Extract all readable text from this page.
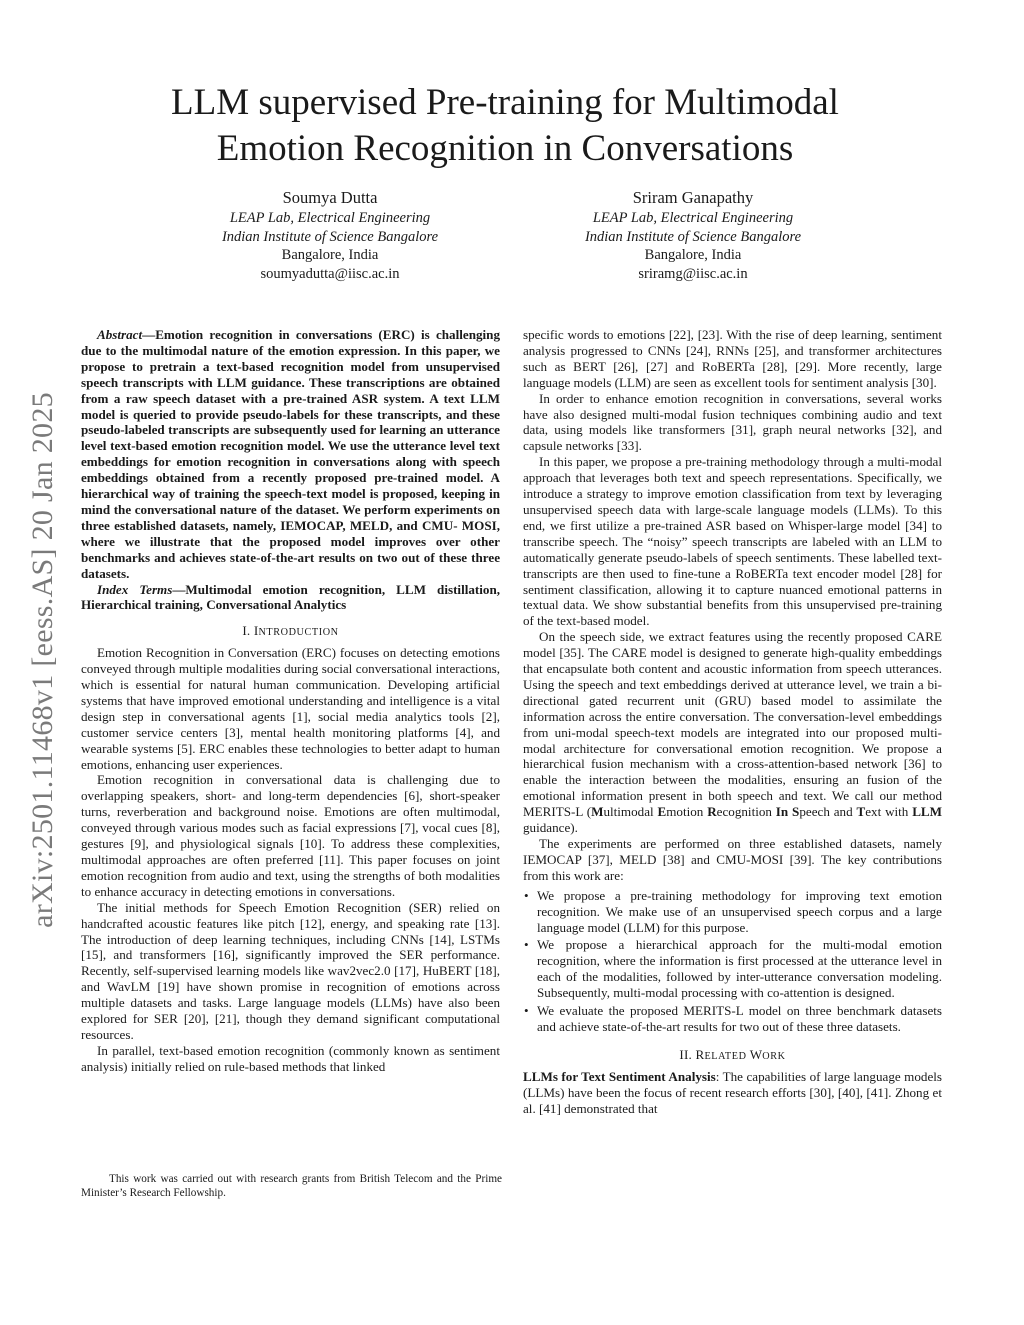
arXiv:2501.11468v1 [eess.AS] 20 Jan 2025
LLM supervised Pre-training for Multimodal
Emotion Recognition in Conversations
Soumya Dutta
LEAP Lab, Electrical Engineering
Indian Institute of Science Bangalore
Bangalore, India
soumyadutta@iisc.ac.in
Sriram Ganapathy
LEAP Lab, Electrical Engineering
Indian Institute of Science Bangalore
Bangalore, India
sriramg@iisc.ac.in

Abstract—Emotion recognition in conversations (ERC) is challenging due to the multimodal nature of the emotion expression. In this paper, we propose to pretrain a text-based recognition model from unsupervised speech transcripts with LLM guidance. These transcriptions are obtained from a raw speech dataset with a pre-trained ASR system. A text LLM model is queried to provide pseudo-labels for these transcripts, and these pseudo-labeled transcripts are subsequently used for learning an utterance level text-based emotion recognition model. We use the utterance level text embeddings for emotion recognition in conversations along with speech embeddings obtained from a recently proposed pre-trained model. A hierarchical way of training the speech-text model is proposed, keeping in mind the conversational nature of the dataset. We perform experiments on three established datasets, namely, IEMOCAP, MELD, and CMU- MOSI, where we illustrate that the proposed model improves over other benchmarks and achieves state-of-the-art results on two out of these three datasets.

Index Terms—Multimodal emotion recognition, LLM distillation, Hierarchical training, Conversational Analytics

I. INTRODUCTION

Emotion Recognition in Conversation (ERC) focuses on detecting emotions conveyed through multiple modalities during social conversational interactions, which is essential for natural human communication. Developing artificial systems that have improved emotional understanding and intelligence is a vital design step in conversational agents [1], social media analytics tools [2], customer service centers [3], mental health monitoring platforms [4], and wearable systems [5]. ERC enables these technologies to better adapt to human emotions, enhancing user experiences.

Emotion recognition in conversational data is challenging due to overlapping speakers, short- and long-term dependencies [6], short-speaker turns, reverberation and background noise. Emotions are often multimodal, conveyed through various modes such as facial expressions [7], vocal cues [8], gestures [9], and physiological signals [10]. To address these complexities, multimodal approaches are often preferred [11]. This paper focuses on joint emotion recognition from audio and text, using the strengths of both modalities to enhance accuracy in detecting emotions in conversations.

The initial methods for Speech Emotion Recognition (SER) relied on handcrafted acoustic features like pitch [12], energy, and speaking rate [13]. The introduction of deep learning techniques, including CNNs [14], LSTMs [15], and transformers [16], significantly improved the SER performance. Recently, self-supervised learning models like wav2vec2.0 [17], HuBERT [18], and WavLM [19] have shown promise in recognition of emotions across multiple datasets and tasks. Large language models (LLMs) have also been explored for SER [20], [21], though they demand significant computational resources.

In parallel, text-based emotion recognition (commonly known as sentiment analysis) initially relied on rule-based methods that linked

This work was carried out with research grants from British Telecom and the Prime Minister’s Research Fellowship.

specific words to emotions [22], [23]. With the rise of deep learning, sentiment analysis progressed to CNNs [24], RNNs [25], and transformer architectures such as BERT [26], [27] and RoBERTa [28], [29]. More recently, large language models (LLM) are seen as excellent tools for sentiment analysis [30].

In order to enhance emotion recognition in conversations, several works have also designed multi-modal fusion techniques combining audio and text data, using models like transformers [31], graph neural networks [32], and capsule networks [33].

In this paper, we propose a pre-training methodology through a multi-modal approach that leverages both text and speech representations. Specifically, we introduce a strategy to improve emotion classification from text by leveraging unsupervised speech data with large-scale language models (LLMs). To this end, we first utilize a pre-trained ASR based on Whisper-large model [34] to transcribe speech. The “noisy” speech transcripts are labeled with an LLM to automatically generate pseudo-labels of speech sentiments. These labelled text-transcripts are then used to fine-tune a RoBERTa text encoder model [28] for sentiment classification, allowing it to capture nuanced emotional patterns in textual data. We show substantial benefits from this unsupervised pre-training of the text-based model.

On the speech side, we extract features using the recently proposed CARE model [35]. The CARE model is designed to generate high-quality embeddings that encapsulate both content and acoustic information from speech utterances. Using the speech and text embeddings derived at utterance level, we train a bi-directional gated recurrent unit (GRU) based model to assimilate the information across the entire conversation. The conversation-level embeddings from uni-modal speech-text models are integrated into our proposed multi-modal architecture for conversational emotion recognition. We propose a hierarchical fusion mechanism with a cross-attention-based network [36] to enable the interaction between the modalities, ensuring an fusion of the emotional information present in both speech and text. We call our method MERITS-L (Multimodal Emotion Recognition In Speech and Text with LLM guidance).

The experiments are performed on three established datasets, namely IEMOCAP [37], MELD [38] and CMU-MOSI [39]. The key contributions from this work are:

• We propose a pre-training methodology for improving text emotion recognition. We make use of an unsupervised speech corpus and a large language model (LLM) for this purpose.
• We propose a hierarchical approach for the multi-modal emotion recognition, where the information is first processed at the utterance level in each of the modalities, followed by inter-utterance conversation modeling. Subsequently, multi-modal processing with co-attention is designed.
• We evaluate the proposed MERITS-L model on three benchmark datasets and achieve state-of-the-art results for two out of these three datasets.
II. RELATED WORK

LLMs for Text Sentiment Analysis: The capabilities of large language models (LLMs) have been the focus of recent research efforts [30], [40], [41]. Zhong et al. [41] demonstrated that
